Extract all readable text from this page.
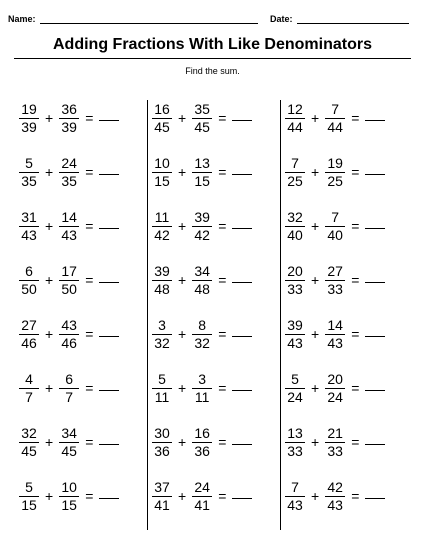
Name:	Date:
Adding Fractions With Like Denominators
Find the sum.
$\frac{19}{39} + \frac{36}{39}$ =	$\frac{16}{45} + \frac{35}{45}$ =	$\frac{12}{44} + \frac{7}{44}$ =
$\frac{5}{35} + \frac{24}{35}$ =	$\frac{10}{15} + \frac{13}{15}$ =	$\frac{7}{25} + \frac{19}{25}$ =
$\frac{31}{43} + \frac{14}{43}$ =	$\frac{11}{42} + \frac{39}{42}$ =	$\frac{32}{40} + \frac{7}{40}$ =
$\frac{6}{50} + \frac{17}{50}$ =	$\frac{39}{48} + \frac{34}{48}$ =	$\frac{20}{33} + \frac{27}{33}$ =
$\frac{27}{46} + \frac{43}{46}$ =	$\frac{3}{32} + \frac{8}{32}$ =	$\frac{39}{43} + \frac{14}{43}$ =
$\frac{4}{7} + \frac{6}{7}$ =	$\frac{5}{11} + \frac{3}{11}$ =	$\frac{5}{24} + \frac{20}{24}$ =
$\frac{32}{45} + \frac{34}{45}$ =	$\frac{30}{36} + \frac{16}{36}$ =	$\frac{13}{33} + \frac{21}{33}$ =
$\frac{5}{15} + \frac{10}{15}$ =	$\frac{37}{41} + \frac{24}{41}$ =	$\frac{7}{43} + \frac{42}{43}$ =
